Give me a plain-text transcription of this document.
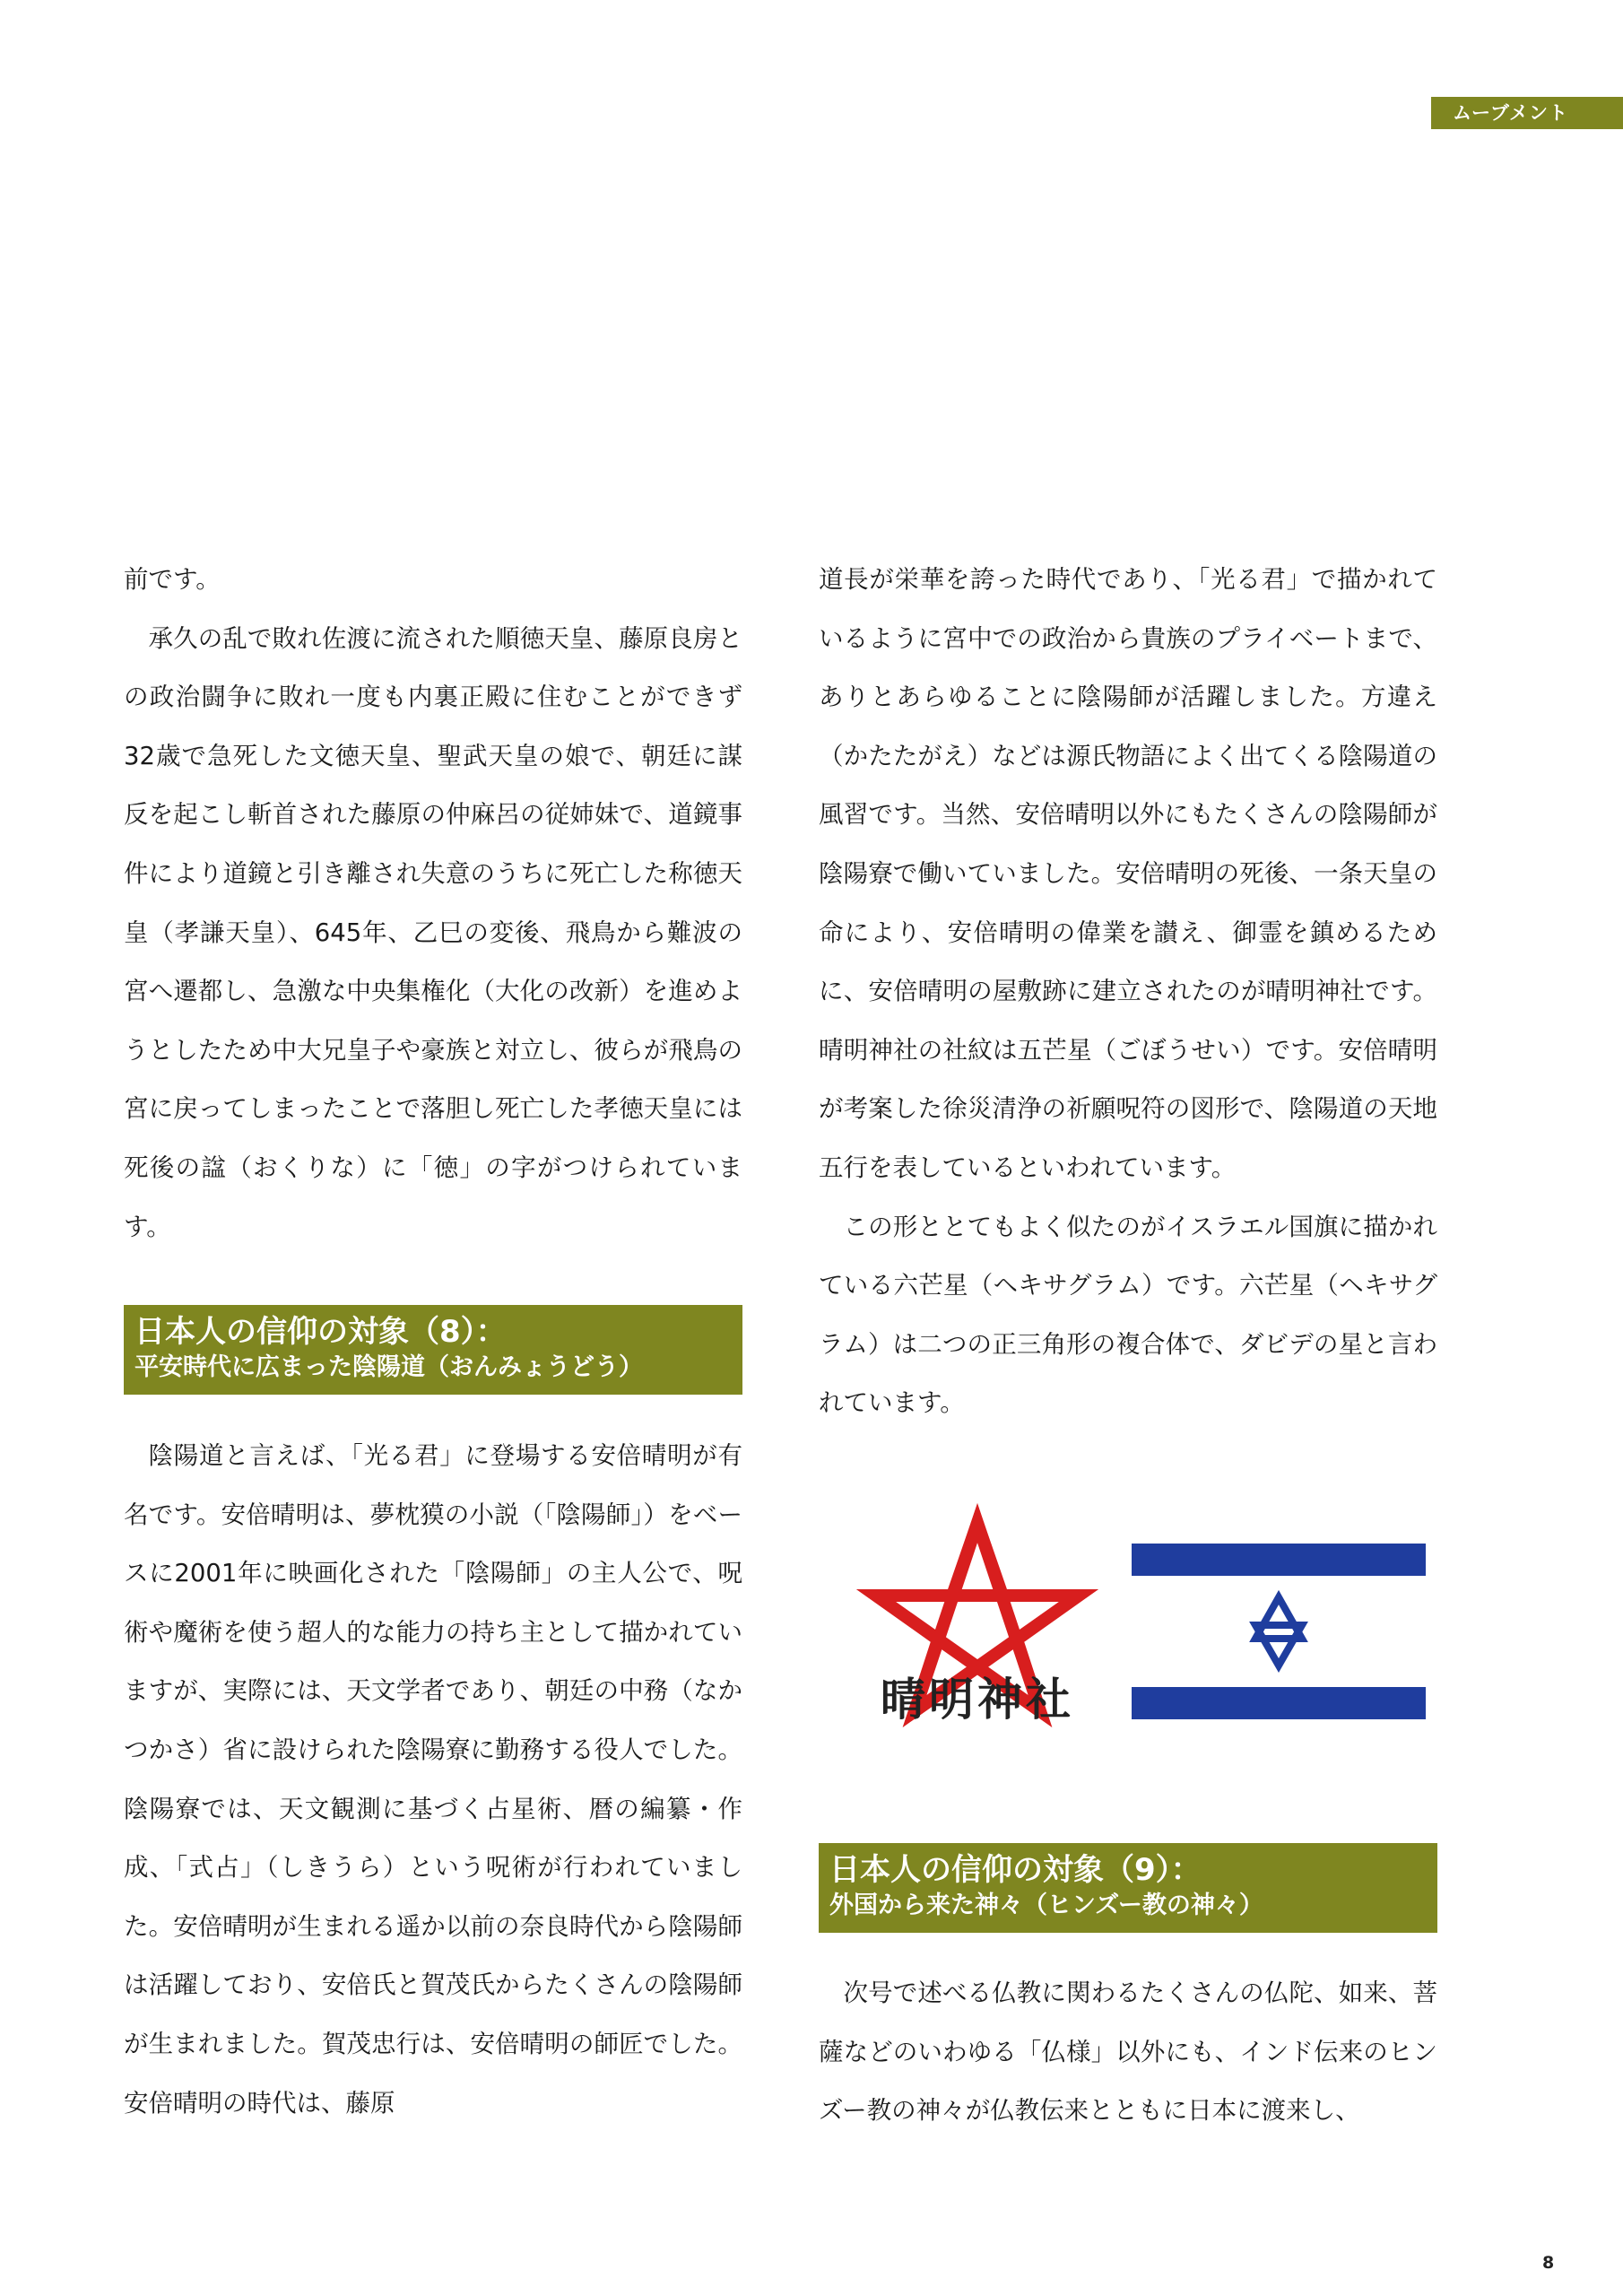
ムーブメント

前です。

承久の乱で敗れ佐渡に流された順徳天皇、藤原良房との政治闘争に敗れ一度も内裏正殿に住むことができず32歳で急死した文徳天皇、聖武天皇の娘で、朝廷に謀反を起こし斬首された藤原の仲麻呂の従姉妹で、道鏡事件により道鏡と引き離され失意のうちに死亡した称徳天皇（孝謙天皇）、645年、乙巳の変後、飛鳥から難波の宮へ遷都し、急激な中央集権化（大化の改新）を進めようとしたため中大兄皇子や豪族と対立し、彼らが飛鳥の宮に戻ってしまったことで落胆し死亡した孝徳天皇には死後の諡（おくりな）に「徳」の字がつけられています。

日本人の信仰の対象（8）：
平安時代に広まった陰陽道（おんみょうどう）

陰陽道と言えば、「光る君」に登場する安倍晴明が有名です。安倍晴明は、夢枕獏の小説（「陰陽師」）をベースに2001年に映画化された「陰陽師」の主人公で、呪術や魔術を使う超人的な能力の持ち主として描かれていますが、実際には、天文学者であり、朝廷の中務（なかつかさ）省に設けられた陰陽寮に勤務する役人でした。陰陽寮では、天文観測に基づく占星術、暦の編纂・作成、「式占」（しきうら）という呪術が行われていました。安倍晴明が生まれる遥か以前の奈良時代から陰陽師は活躍しており、安倍氏と賀茂氏からたくさんの陰陽師が生まれました。賀茂忠行は、安倍晴明の師匠でした。安倍晴明の時代は、藤原

道長が栄華を誇った時代であり、「光る君」で描かれているように宮中での政治から貴族のプライベートまで、ありとあらゆることに陰陽師が活躍しました。方違え（かたたがえ）などは源氏物語によく出てくる陰陽道の風習です。当然、安倍晴明以外にもたくさんの陰陽師が陰陽寮で働いていました。安倍晴明の死後、一条天皇の命により、安倍晴明の偉業を讃え、御霊を鎮めるために、安倍晴明の屋敷跡に建立されたのが晴明神社です。晴明神社の社紋は五芒星（ごぼうせい）です。安倍晴明が考案した徐災清浄の祈願呪符の図形で、陰陽道の天地五行を表しているといわれています。

この形ととてもよく似たのがイスラエル国旗に描かれている六芒星（ヘキサグラム）です。六芒星（ヘキサグラム）は二つの正三角形の複合体で、ダビデの星と言われています。

晴明神社
日本人の信仰の対象（9）：
外国から来た神々（ヒンズー教の神々）

次号で述べる仏教に関わるたくさんの仏陀、如来、菩薩などのいわゆる「仏様」以外にも、インド伝来のヒンズー教の神々が仏教伝来とともに日本に渡来し、

8
